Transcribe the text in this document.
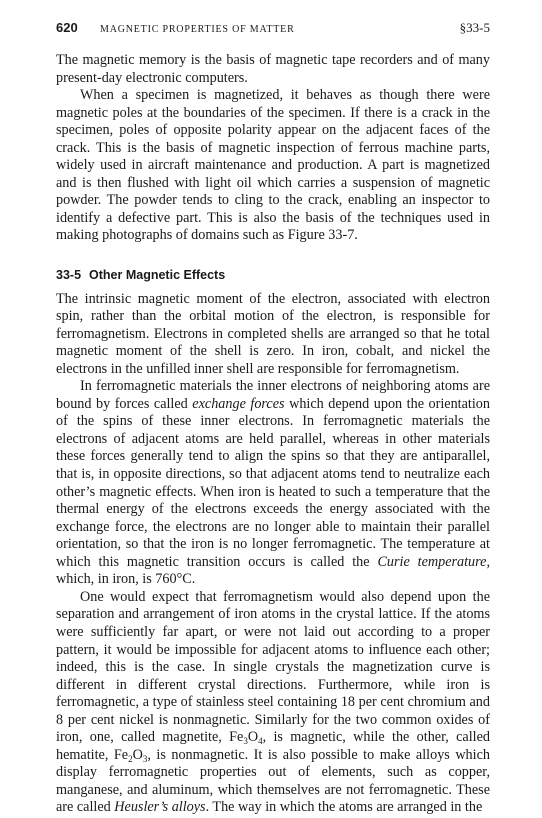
620	MAGNETIC PROPERTIES OF MATTER	§33-5

The magnetic memory is the basis of magnetic tape recorders and of many present-day electronic computers.

When a specimen is magnetized, it behaves as though there were magnetic poles at the boundaries of the specimen. If there is a crack in the specimen, poles of opposite polarity appear on the adjacent faces of the crack. This is the basis of magnetic inspection of ferrous machine parts, widely used in aircraft maintenance and production. A part is magnetized and is then flushed with light oil which carries a suspension of magnetic powder. The powder tends to cling to the crack, enabling an inspector to identify a defective part. This is also the basis of the techniques used in making photographs of domains such as Figure 33-7.

33-5 Other Magnetic Effects

The intrinsic magnetic moment of the electron, associated with electron spin, rather than the orbital motion of the electron, is responsible for ferromagnetism. Electrons in completed shells are arranged so that he total magnetic moment of the shell is zero. In iron, cobalt, and nickel the electrons in the unfilled inner shell are responsible for ferromagnetism.

In ferromagnetic materials the inner electrons of neighboring atoms are bound by forces called exchange forces which depend upon the orientation of the spins of these inner electrons. In ferromagnetic materials the electrons of adjacent atoms are held parallel, whereas in other materials these forces generally tend to align the spins so that they are antiparallel, that is, in opposite directions, so that adjacent atoms tend to neutralize each other’s magnetic effects. When iron is heated to such a temperature that the thermal energy of the electrons exceeds the energy associated with the exchange force, the electrons are no longer able to maintain their parallel orientation, so that the iron is no longer ferromagnetic. The temperature at which this magnetic transition occurs is called the Curie temperature, which, in iron, is 760°C.

One would expect that ferromagnetism would also depend upon the separation and arrangement of iron atoms in the crystal lattice. If the atoms were sufficiently far apart, or were not laid out according to a proper pattern, it would be impossible for adjacent atoms to influence each other; indeed, this is the case. In single crystals the magnetization curve is different in different crystal directions. Furthermore, while iron is ferromagnetic, a type of stainless steel containing 18 per cent chromium and 8 per cent nickel is nonmagnetic. Similarly for the two common oxides of iron, one, called magnetite, $Fe_3O_4$, is magnetic, while the other, called hematite, $Fe_2O_3$, is nonmagnetic. It is also possible to make alloys which display ferromagnetic properties out of elements, such as copper, manganese, and aluminum, which themselves are not ferromagnetic. These are called Heusler’s alloys. The way in which the atoms are arranged in the
